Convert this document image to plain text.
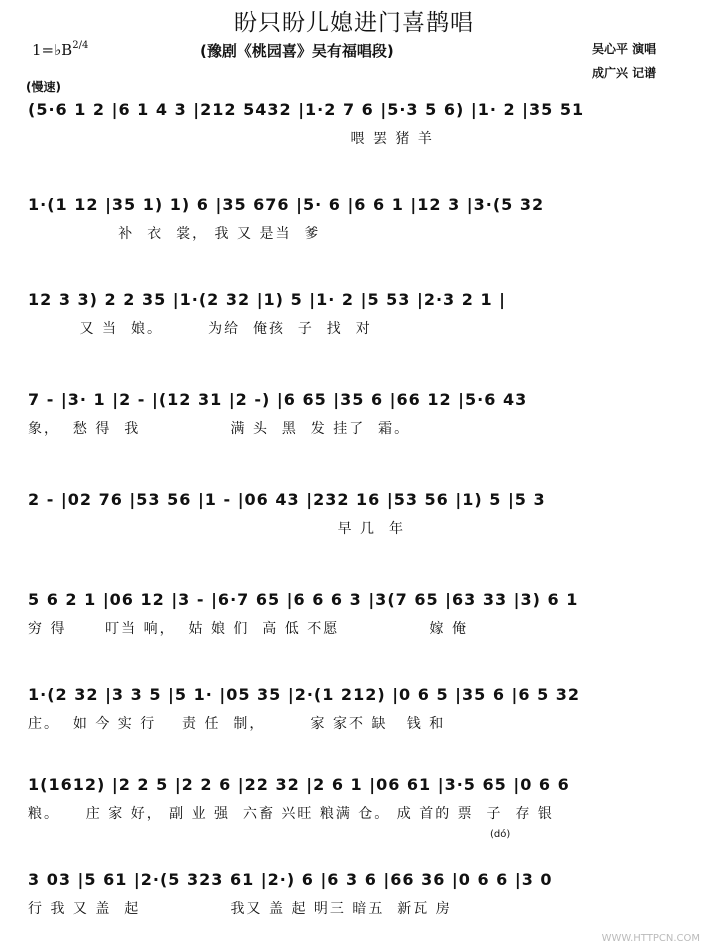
盼只盼儿媳进门喜鹊唱
(豫剧《桃园喜》吴有福唱段)	吴心平 演唱
成广兴 记谱
$1=♭B^{2/4}$
(慢速)
(5·6 1 2 |6 1 4 3 |212 5432 |1·2 7 6 |5·3 5 6) |1· 2 |35 51
喂 罢 猪 羊
1·(1 12 |35 1) 1) 6 |35 676 |5· 6 |6 6 1 |12 3 |3·(5 32
补  衣  裳， 我 又 是当  爹
12 3 3) 2 2 35 |1·(2 32 |1) 5 |1· 2 |5 53 |2·3 2 1 |
又 当  娘。       为给  俺孩  子  找  对
7 - |3· 1 |2 - |(12 31 |2 -) |6 65 |35 6 |66 12 |5·6 43
象，  愁 得  我              满 头  黑  发 挂了  霜。
2 - |02 76 |53 56 |1 - |06 43 |232 16 |53 56 |1) 5 |5 3
早 几  年
5 6 2 1 |06 12 |3 - |6·7 65 |6 6 6 3 |3(7 65 |63 33 |3) 6 1
穷 得      叮当 响，  姑 娘 们  高 低 不愿              嫁 俺
1·(2 32 |3 3 5 |5 1· |05 35 |2·(1 212) |0 6 5 |35 6 |6 5 32
庄。  如 今 实 行    责 任  制，       家 家不 缺   钱 和
1(1612) |2 2 5 |2 2 6 |22 32 |2 6 1 |06 61 |3·5 65 |0 6 6
粮。    庄 家 好， 副 业 强  六畜 兴旺 粮满 仓。 成 首的 票  子  存 银
3 03 |5 61 |2·(5 323 61 |2·) 6 |6 3 6 |66 36 |0 6 6 |3 0
行 我 又 盖  起              我又 盖 起 明三 暗五  新瓦 房
(dó)
WWW.HTTPCN.COM
